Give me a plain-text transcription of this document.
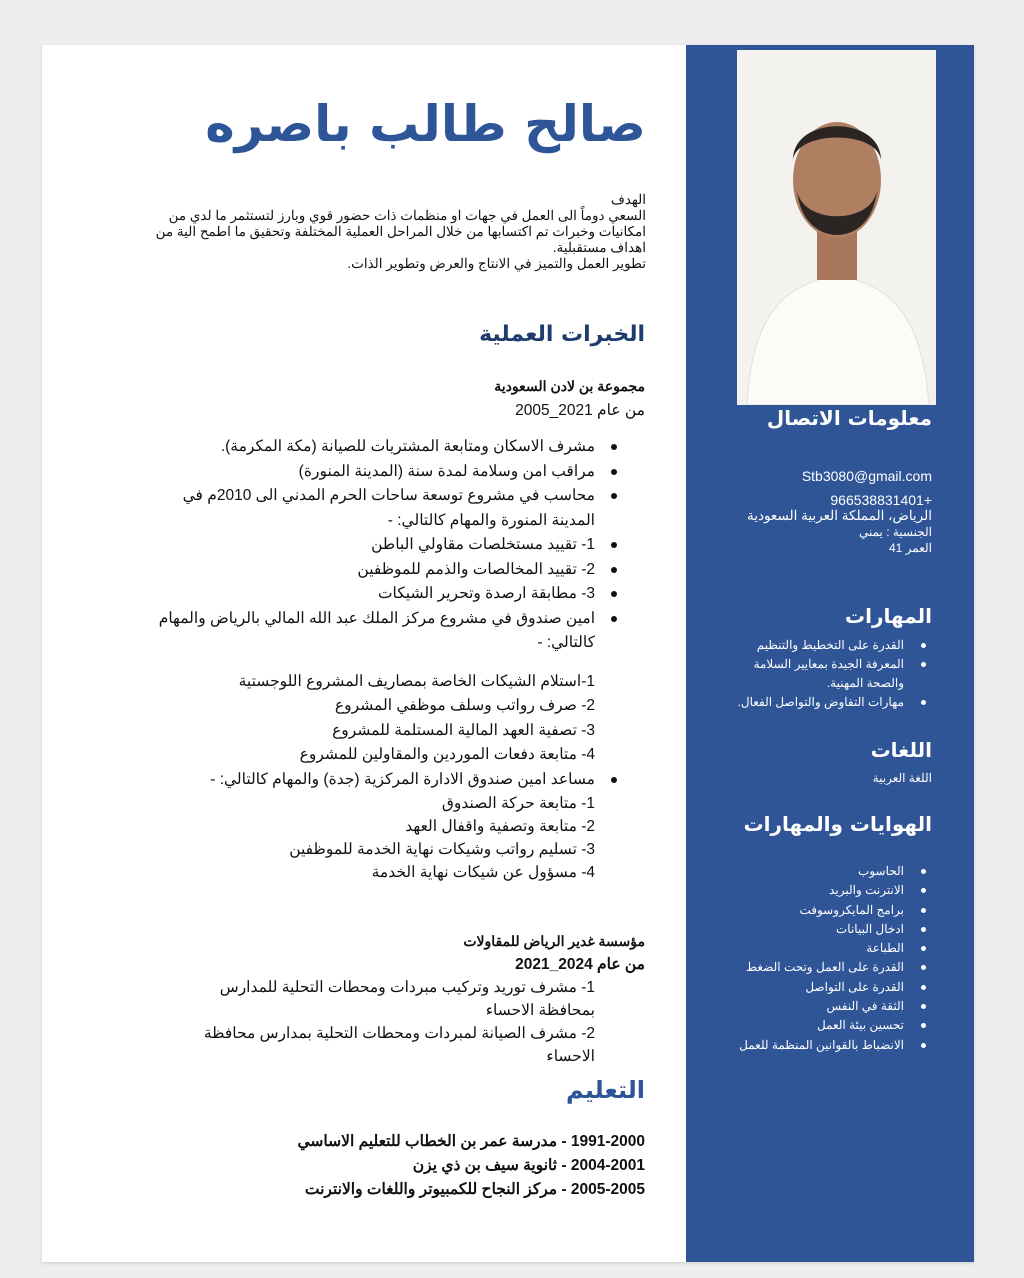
صالح طالب باصره
الهدف
السعي دوماً الى العمل في جهات او منظمات ذات حضور قوي وبارز لتستثمر ما لدي من امكانيات وخبرات تم اكتسابها من خلال المراحل العملية المختلفة وتحقيق ما اطمح الية من اهداف مستقبلية.
تطوير العمل والتميز في الانتاج والعرض وتطوير الذات.
الخبرات العملية
مجموعة بن لادن السعودية
من عام 2021_2005
مشرف الاسكان ومتابعة المشتريات للصيانة (مكة المكرمة).
مراقب امن وسلامة لمدة سنة (المدينة المنورة)
محاسب في مشروع توسعة ساحات الحرم المدني الى 2010م في المدينة المنورة والمهام كالتالي: -
1- تقييد مستخلصات مقاولي الباطن
2- تقييد المخالصات والذمم للموظفين
3- مطابقة ارصدة وتحرير الشيكات
امين صندوق في مشروع مركز الملك عبد الله المالي بالرياض والمهام كالتالي: -
1-استلام الشيكات الخاصة بمصاريف المشروع اللوجستية
2- صرف رواتب وسلف موظفي المشروع
3- تصفية العهد المالية المستلمة للمشروع
4- متابعة دفعات الموردين والمقاولين للمشروع
مساعد امين صندوق الادارة المركزية (جدة) والمهام كالتالي: -
1- متابعة حركة الصندوق
2- متابعة وتصفية واقفال العهد
3- تسليم رواتب وشيكات نهاية الخدمة للموظفين
4- مسؤول عن شيكات نهاية الخدمة
مؤسسة غدير الرياض للمقاولات
من عام 2024_2021
1- مشرف توريد وتركيب مبردات ومحطات التحلية للمدارس بمحافظة الاحساء
2- مشرف الصيانة لمبردات ومحطات التحلية بمدارس محافظة الاحساء
التعليم
1991-2000 - مدرسة عمر بن الخطاب للتعليم الاساسي
2004-2001 - ثانوية سيف بن ذي يزن
2005-2005 - مركز النجاح للكمبيوتر واللغات والانترنت
معلومات الاتصال
Stb3080@gmail.com
+966538831401
الرياض، المملكة العربية السعودية
الجنسية : يمني
العمر 41
المهارات
القدرة على التخطيط والتنظيم
المعرفة الجيدة بمعايير السلامة والصحة المهنية.
مهارات التفاوض والتواصل الفعال.
اللغات
اللغة العربية
الهوايات والمهارات
الحاسوب
الانترنت والبريد
برامج المايكروسوفت
ادخال البيانات
الطباعة
القدرة على العمل وتحت الضغط
القدرة على التواصل
الثقة في النفس
تحسين بيئة العمل
الانضباط بالقوانين المنظمة للعمل
